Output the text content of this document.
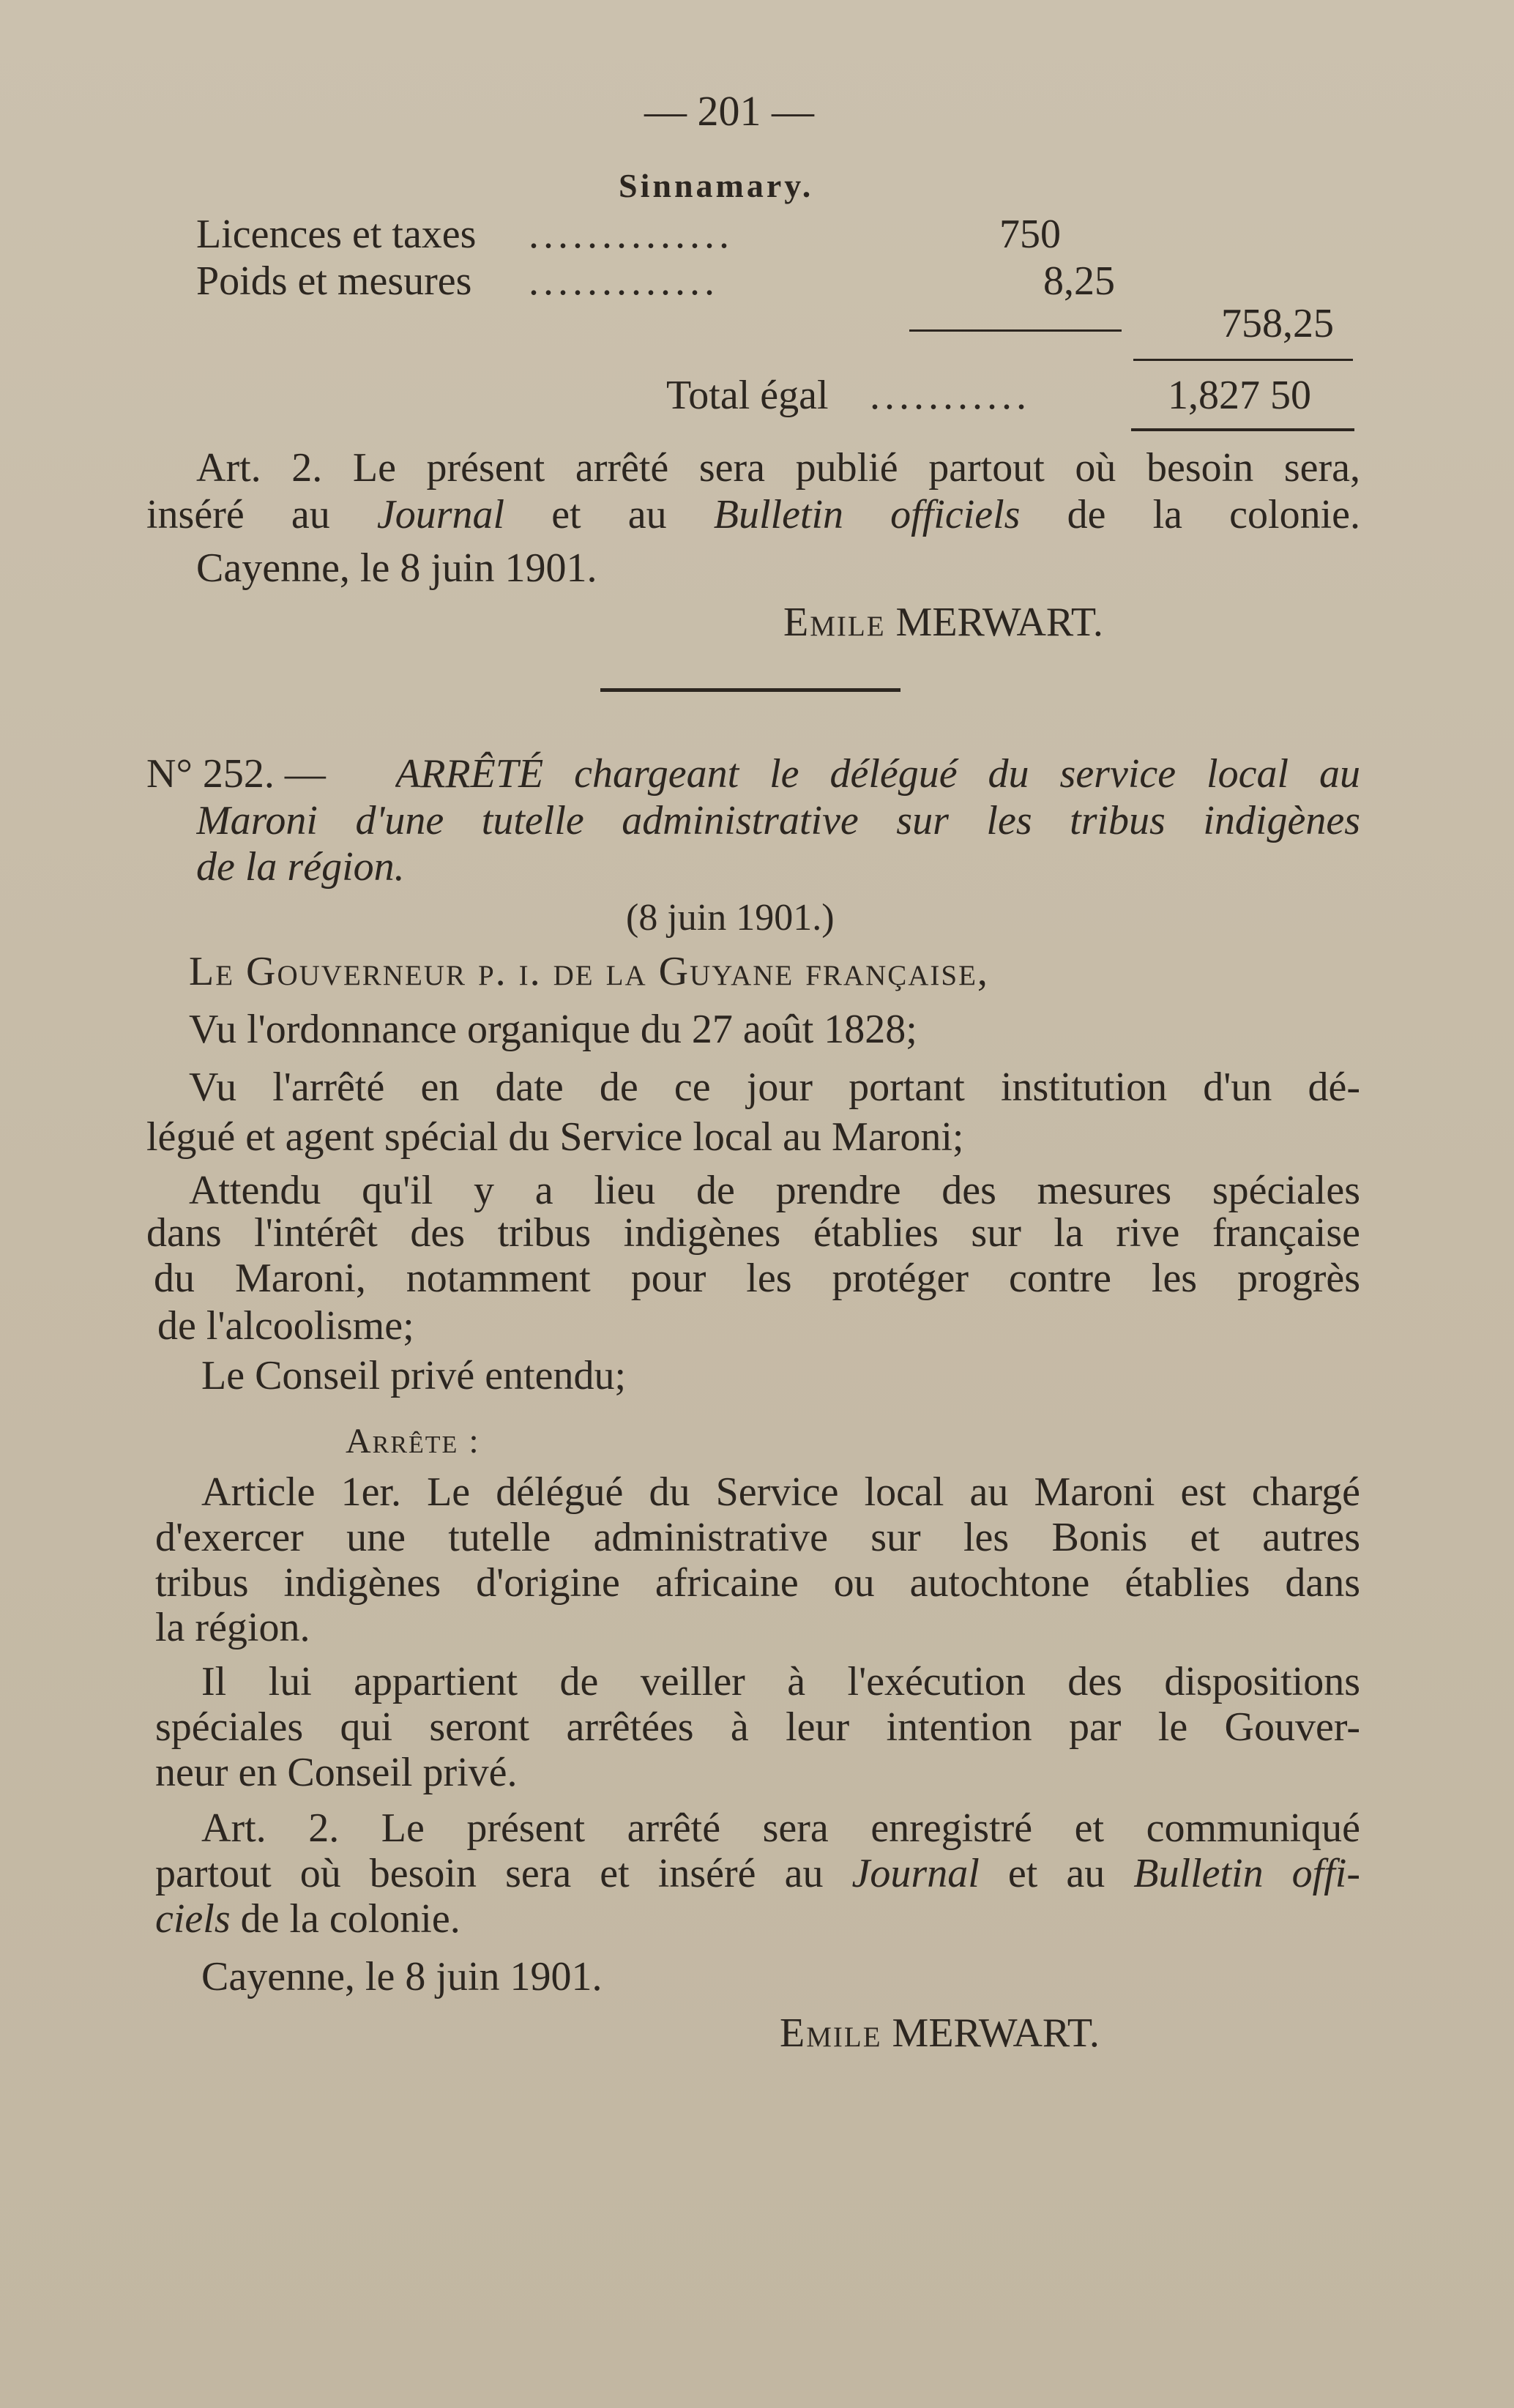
— 201 —
Sinnamary.
Licences et taxes ..............	750
Poids et mesures .............	8,25
758,25
Total égal ...........	1,827 50
Art. 2. Le présent arrêté sera publié partout où besoin sera,
inséré au Journal et au Bulletin officiels de la colonie.
Cayenne, le 8 juin 1901.
Emile MERWART.
N° 252. — ARRÊTÉ chargeant le délégué du service local au
Maroni d'une tutelle administrative sur les tribus indigènes
de la région.
(8 juin 1901.)
Le Gouverneur p. i. de la Guyane française,
Vu l'ordonnance organique du 27 août 1828;
Vu l'arrêté en date de ce jour portant institution d'un dé-
légué et agent spécial du Service local au Maroni;
Attendu qu'il y a lieu de prendre des mesures spéciales
dans l'intérêt des tribus indigènes établies sur la rive française
du Maroni, notamment pour les protéger contre les progrès
de l'alcoolisme;
Le Conseil privé entendu;
Arrête :
Article 1er. Le délégué du Service local au Maroni est chargé
d'exercer une tutelle administrative sur les Bonis et autres
tribus indigènes d'origine africaine ou autochtone établies dans
la région.
Il lui appartient de veiller à l'exécution des dispositions
spéciales qui seront arrêtées à leur intention par le Gouver-
neur en Conseil privé.
Art. 2. Le présent arrêté sera enregistré et communiqué
partout où besoin sera et inséré au Journal et au Bulletin offi-
ciels de la colonie.
Cayenne, le 8 juin 1901.
Emile MERWART.
